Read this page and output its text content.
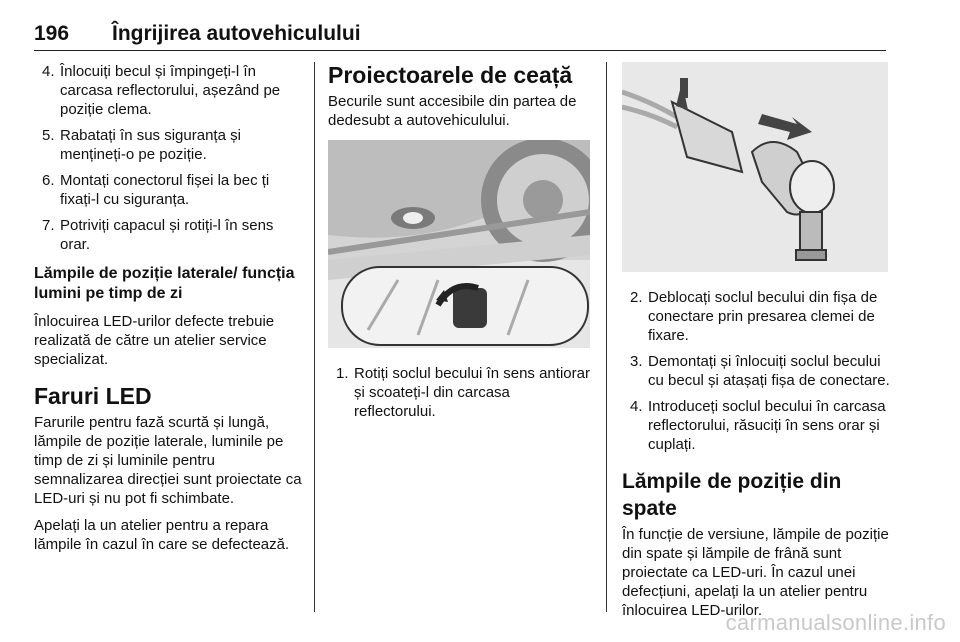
196 Îngrijirea autovehiculului
4. Înlocuiți becul și împingeți-l în carcasa reflectorului, așezând pe poziție clema.
5. Rabatați în sus siguranța și mențineți-o pe poziție.
6. Montați conectorul fișei la bec ți fixați-l cu siguranța.
7. Potriviți capacul și rotiți-l în sens orar.
Lămpile de poziție laterale/ funcția lumini pe timp de zi

Înlocuirea LED-urilor defecte trebuie realizată de către un atelier service specializat.

Faruri LED

Farurile pentru fază scurtă și lungă, lămpile de poziție laterale, luminile pe timp de zi și luminile pentru semnalizarea direcției sunt proiectate ca LED-uri și nu pot fi schimbate.

Apelați la un atelier pentru a repara lămpile în cazul în care se defectează.

Proiectoarele de ceață

Becurile sunt accesibile din partea de dedesubt a autovehiculului.

1. Rotiți soclul becului în sens antiorar și scoateți-l din carcasa reflectorului.
2. Deblocați soclul becului din fișa de conectare prin presarea clemei de fixare.
3. Demontați și înlocuiți soclul becului cu becul și atașați fișa de conectare.
4. Introduceți soclul becului în carcasa reflectorului, răsuciți în sens orar și cuplați.
Lămpile de poziție din spate

În funcție de versiune, lămpile de poziție din spate și lămpile de frână sunt proiectate ca LED-uri. În cazul unei defecțiuni, apelați la un atelier pentru înlocuirea LED-urilor.

carmanualsonline.info
